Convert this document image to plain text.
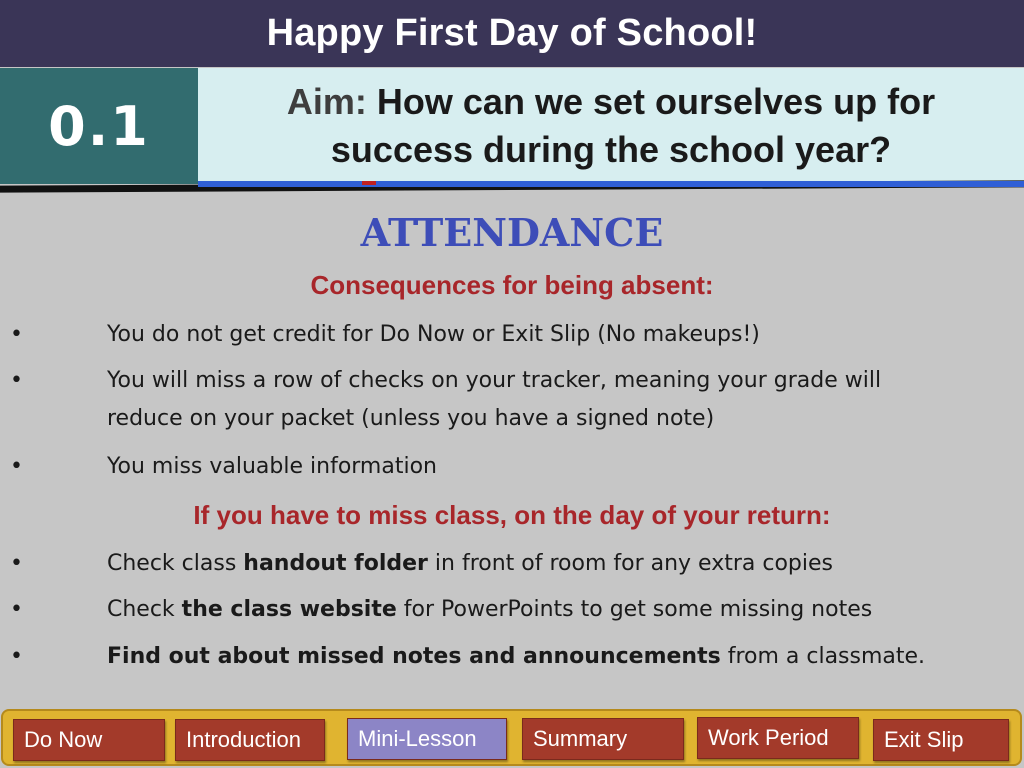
Happy First Day of School!
0.1	Aim: How can we set ourselves up for
success during the school year?
ATTENDANCE
Consequences for being absent:
•	You do not get credit for Do Now or Exit Slip (No makeups!)
•	You will miss a row of checks on your tracker, meaning your grade will
reduce on your packet (unless you have a signed note)
•	You miss valuable information
If you have to miss class, on the day of your return:
•	Check class handout folder in front of room for any extra copies
•	Check the class website for PowerPoints to get some missing notes
•	Find out about missed notes and announcements from a classmate.
Do Now	Introduction	Mini-Lesson	Summary	Work Period	Exit Slip
